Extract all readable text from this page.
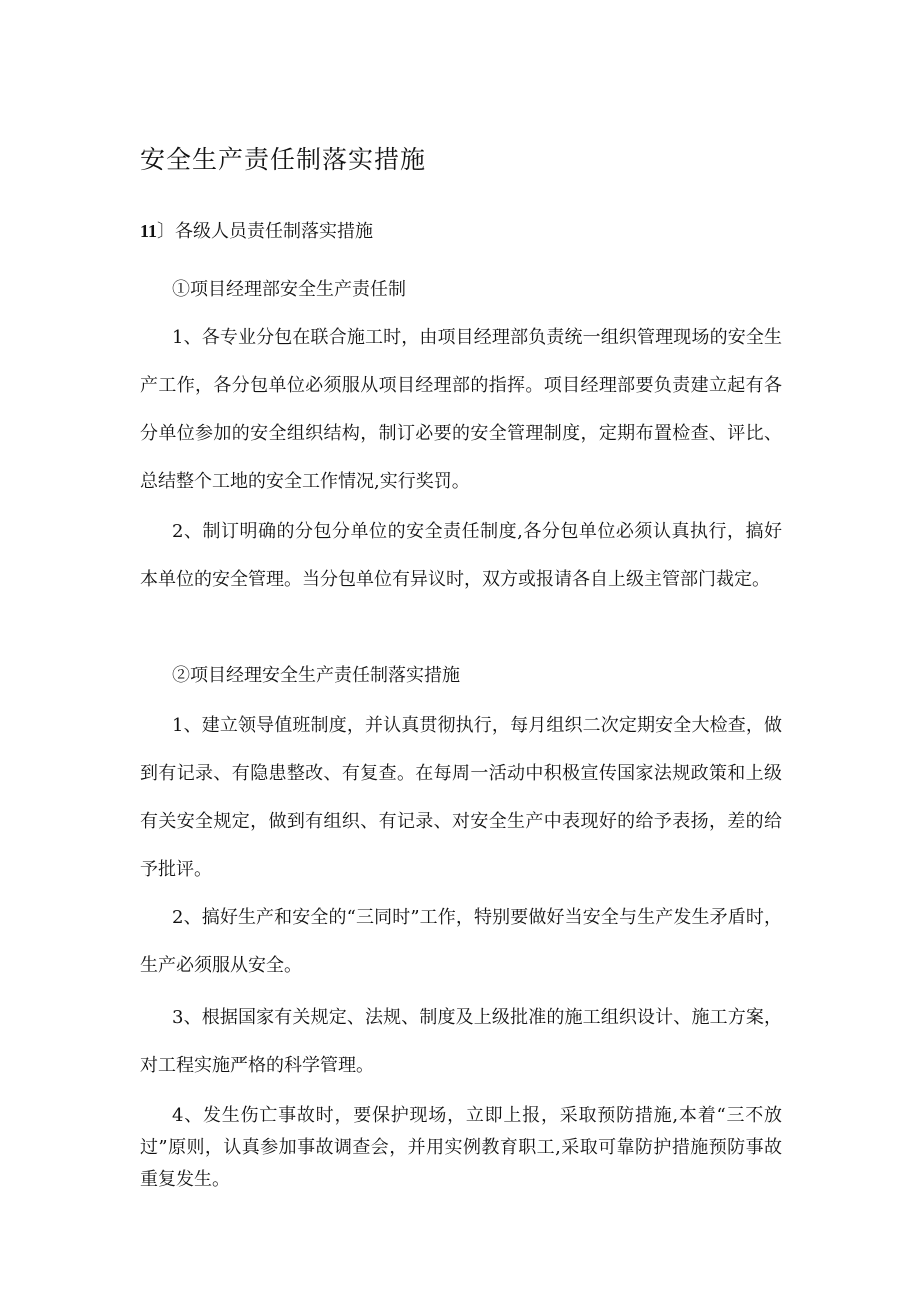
安全生产责任制落实措施
11〕各级人员责任制落实措施
①项目经理部安全生产责任制
1、各专业分包在联合施工时，由项目经理部负责统一组织管理现场的安全生产工作，各分包单位必须服从项目经理部的指挥。项目经理部要负责建立起有各分单位参加的安全组织结构，制订必要的安全管理制度，定期布置检查、评比、总结整个工地的安全工作情况,实行奖罚。
2、制订明确的分包分单位的安全责任制度,各分包单位必须认真执行，搞好本单位的安全管理。当分包单位有异议时，双方或报请各自上级主管部门裁定。
②项目经理安全生产责任制落实措施
1、建立领导值班制度，并认真贯彻执行，每月组织二次定期安全大检查，做到有记录、有隐患整改、有复查。在每周一活动中积极宣传国家法规政策和上级有关安全规定，做到有组织、有记录、对安全生产中表现好的给予表扬，差的给予批评。
2、搞好生产和安全的“三同时”工作，特别要做好当安全与生产发生矛盾时，生产必须服从安全。
3、根据国家有关规定、法规、制度及上级批准的施工组织设计、施工方案，对工程实施严格的科学管理。
4、发生伤亡事故时，要保护现场，立即上报，采取预防措施,本着“三不放过”原则，认真参加事故调查会，并用实例教育职工,采取可靠防护措施预防事故重复发生。
